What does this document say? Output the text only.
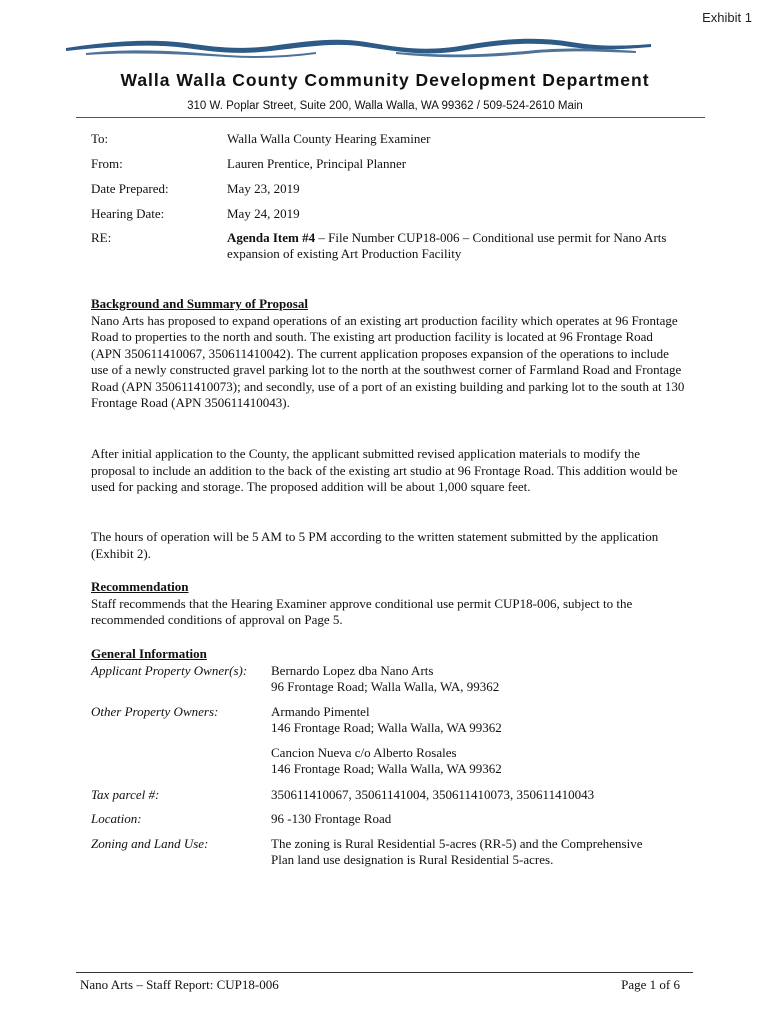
Exhibit 1
Walla Walla County Community Development Department
310 W. Poplar Street, Suite 200, Walla Walla, WA 99362 / 509-524-2610 Main
To:	Walla Walla County Hearing Examiner
From:	Lauren Prentice, Principal Planner
Date Prepared:	May 23, 2019
Hearing Date:	May 24, 2019
RE:	Agenda Item #4 – File Number CUP18-006 – Conditional use permit for Nano Arts expansion of existing Art Production Facility
Background and Summary of Proposal

Nano Arts has proposed to expand operations of an existing art production facility which operates at 96 Frontage Road to properties to the north and south. The existing art production facility is located at 96 Frontage Road (APN 350611410067, 350611410042). The current application proposes expansion of the operations to include use of a newly constructed gravel parking lot to the north at the southwest corner of Farmland Road and Frontage Road (APN 350611410073); and secondly, use of a port of an existing building and parking lot to the south at 130 Frontage Road (APN 350611410043).

After initial application to the County, the applicant submitted revised application materials to modify the proposal to include an addition to the back of the existing art studio at 96 Frontage Road. This addition would be used for packing and storage. The proposed addition will be about 1,000 square feet.
The hours of operation will be 5 AM to 5 PM according to the written statement submitted by the application (Exhibit 2).
Recommendation

Staff recommends that the Hearing Examiner approve conditional use permit CUP18-006, subject to the recommended conditions of approval on Page 5.

General Information
Applicant Property Owner(s): Bernardo Lopez dba Nano Arts
96 Frontage Road; Walla Walla, WA, 99362
Other Property Owners:	Armando Pimentel
146 Frontage Road; Walla Walla, WA 99362
Cancion Nueva c/o Alberto Rosales
146 Frontage Road; Walla Walla, WA 99362
Tax parcel #:	350611410067, 35061141004, 350611410073, 350611410043
Location:	96 -130 Frontage Road
Zoning and Land Use:	The zoning is Rural Residential 5-acres (RR-5) and the Comprehensive Plan land use designation is Rural Residential 5-acres.
Nano Arts – Staff Report: CUP18-006	Page 1 of 6
